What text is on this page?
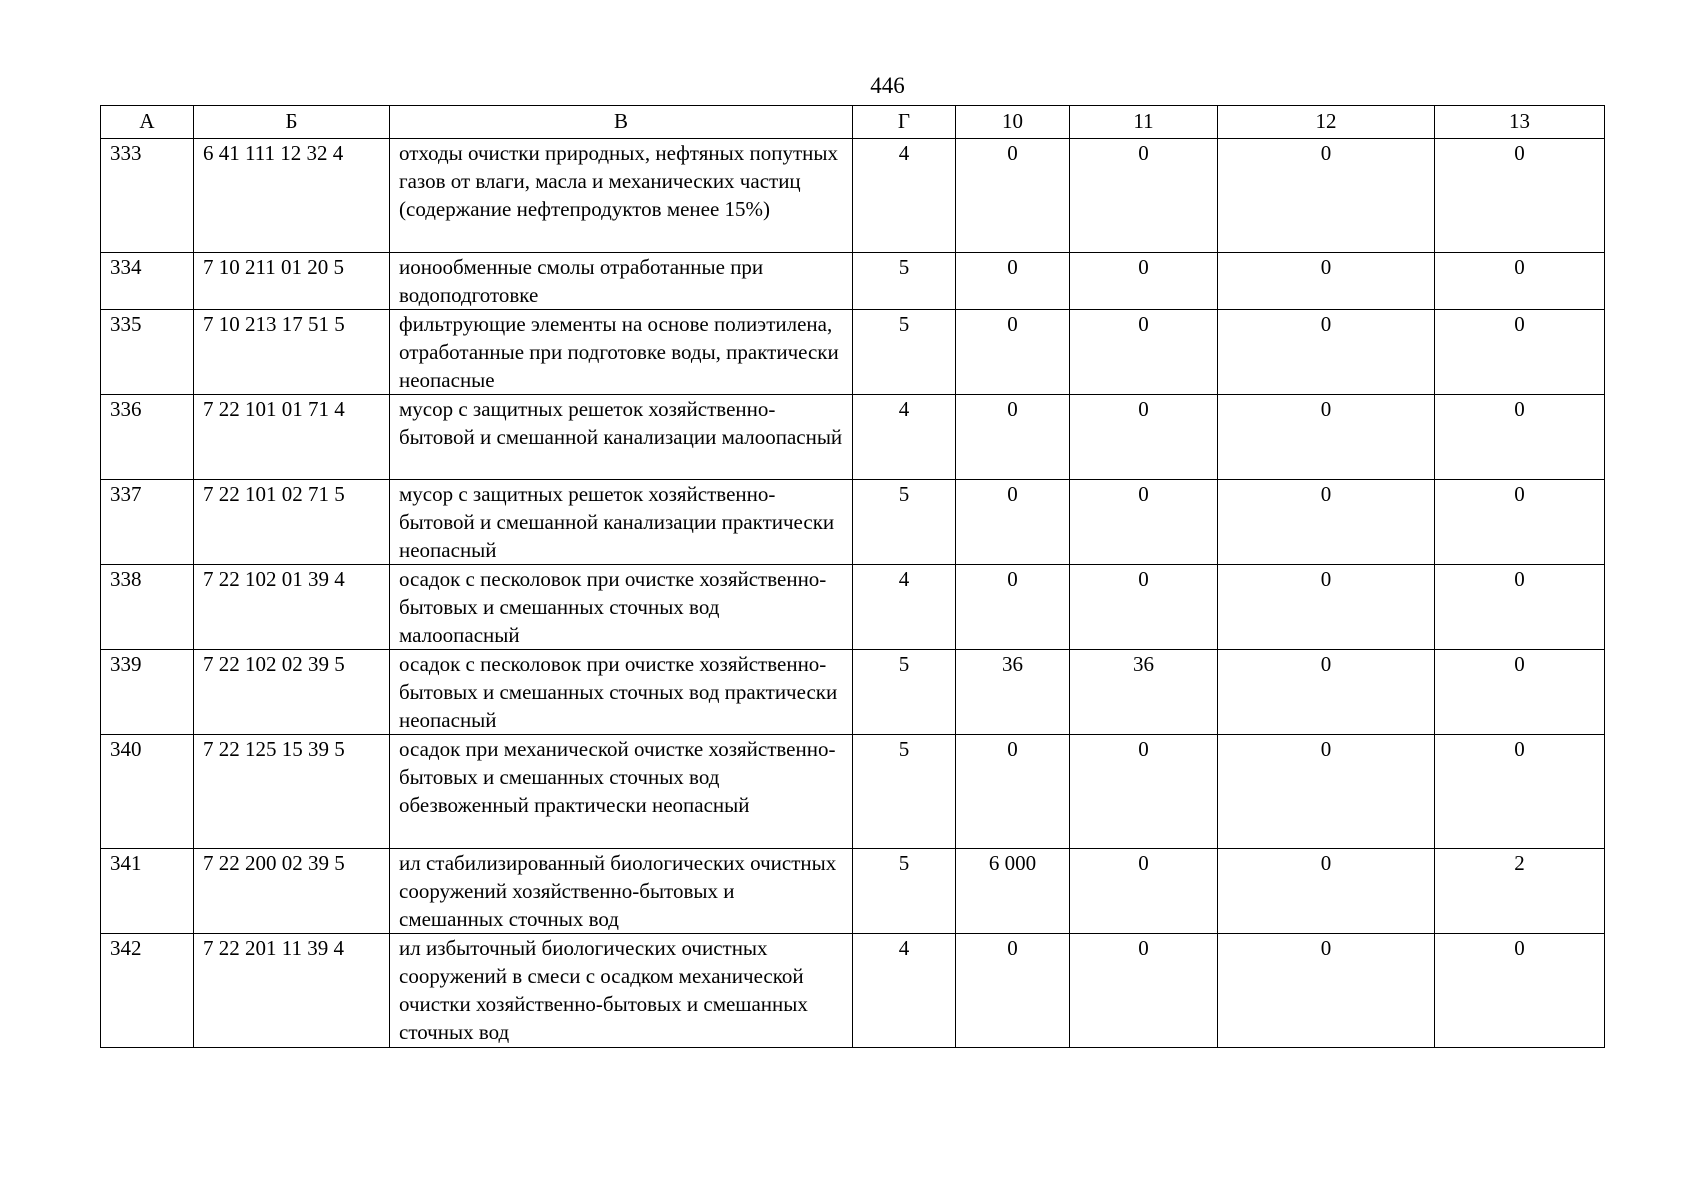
446
А	Б	В	Г	10	11	12	13
333	6 41 111 12 32 4	отходы очистки природных, нефтяных попутных газов от влаги, масла и механических частиц (содержание нефтепродуктов менее 15%)	4	0	0	0	0
334	7 10 211 01 20 5	ионообменные смолы отработанные при водоподготовке	5	0	0	0	0
335	7 10 213 17 51 5	фильтрующие элементы на основе полиэтилена, отработанные при подготовке воды, практически неопасные	5	0	0	0	0
336	7 22 101 01 71 4	мусор с защитных решеток хозяйственно-бытовой и смешанной канализации малоопасный	4	0	0	0	0
337	7 22 101 02 71 5	мусор с защитных решеток хозяйственно-бытовой и смешанной канализации практически неопасный	5	0	0	0	0
338	7 22 102 01 39 4	осадок с песколовок при очистке хозяйственно-бытовых и смешанных сточных вод малоопасный	4	0	0	0	0
339	7 22 102 02 39 5	осадок с песколовок при очистке хозяйственно-бытовых и смешанных сточных вод практически неопасный	5	36	36	0	0
340	7 22 125 15 39 5	осадок при механической очистке хозяйственно-бытовых и смешанных сточных вод обезвоженный практически неопасный	5	0	0	0	0
341	7 22 200 02 39 5	ил стабилизированный биологических очистных сооружений хозяйственно-бытовых и смешанных сточных вод	5	6 000	0	0	2
342	7 22 201 11 39 4	ил избыточный биологических очистных сооружений в смеси с осадком механической очистки хозяйственно-бытовых и смешанных сточных вод	4	0	0	0	0
